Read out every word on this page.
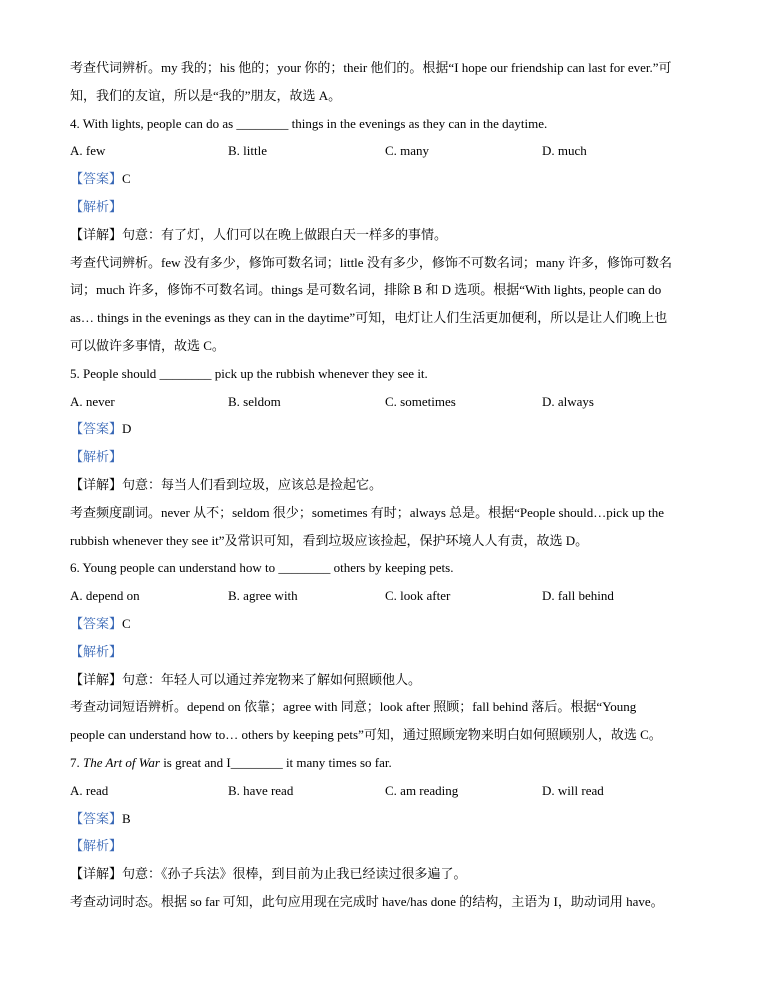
考查代词辨析。my 我的；his 他的；your 你的；their 他们的。根据“I hope our friendship can last for ever.”可
知，我们的友谊，所以是“我的”朋友，故选 A。
4. With lights, people can do as ________ things in the evenings as they can in the daytime.
A. few	B. little	C. many	D. much
【答案】C
【解析】
【详解】句意：有了灯，人们可以在晚上做跟白天一样多的事情。
考查代词辨析。few 没有多少，修饰可数名词；little 没有多少，修饰不可数名词；many 许多，修饰可数名
词；much 许多，修饰不可数名词。things 是可数名词，排除 B 和 D 选项。根据“With lights, people can do
as… things in the evenings as they can in the daytime”可知，电灯让人们生活更加便利，所以是让人们晚上也
可以做许多事情，故选 C。
5. People should ________ pick up the rubbish whenever they see it.
A. never	B. seldom	C. sometimes	D. always
【答案】D
【解析】
【详解】句意：每当人们看到垃圾，应该总是捡起它。
考查频度副词。never 从不；seldom 很少；sometimes 有时；always 总是。根据“People should…pick up the
rubbish whenever they see it”及常识可知，看到垃圾应该捡起，保护环境人人有责，故选 D。
6. Young people can understand how to ________ others by keeping pets.
A. depend on	B. agree with	C. look after	D. fall behind
【答案】C
【解析】
【详解】句意：年轻人可以通过养宠物来了解如何照顾他人。
考查动词短语辨析。depend on 依靠；agree with 同意；look after 照顾；fall behind 落后。根据“Young
people can understand how to… others by keeping pets”可知，通过照顾宠物来明白如何照顾别人，故选 C。
7. The Art of War is great and I________ it many times so far.
A. read	B. have read	C. am reading	D. will read
【答案】B
【解析】
【详解】句意：《孙子兵法》很棒，到目前为止我已经读过很多遍了。
考查动词时态。根据 so far 可知，此句应用现在完成时 have/has done 的结构，主语为 I，助动词用 have。
